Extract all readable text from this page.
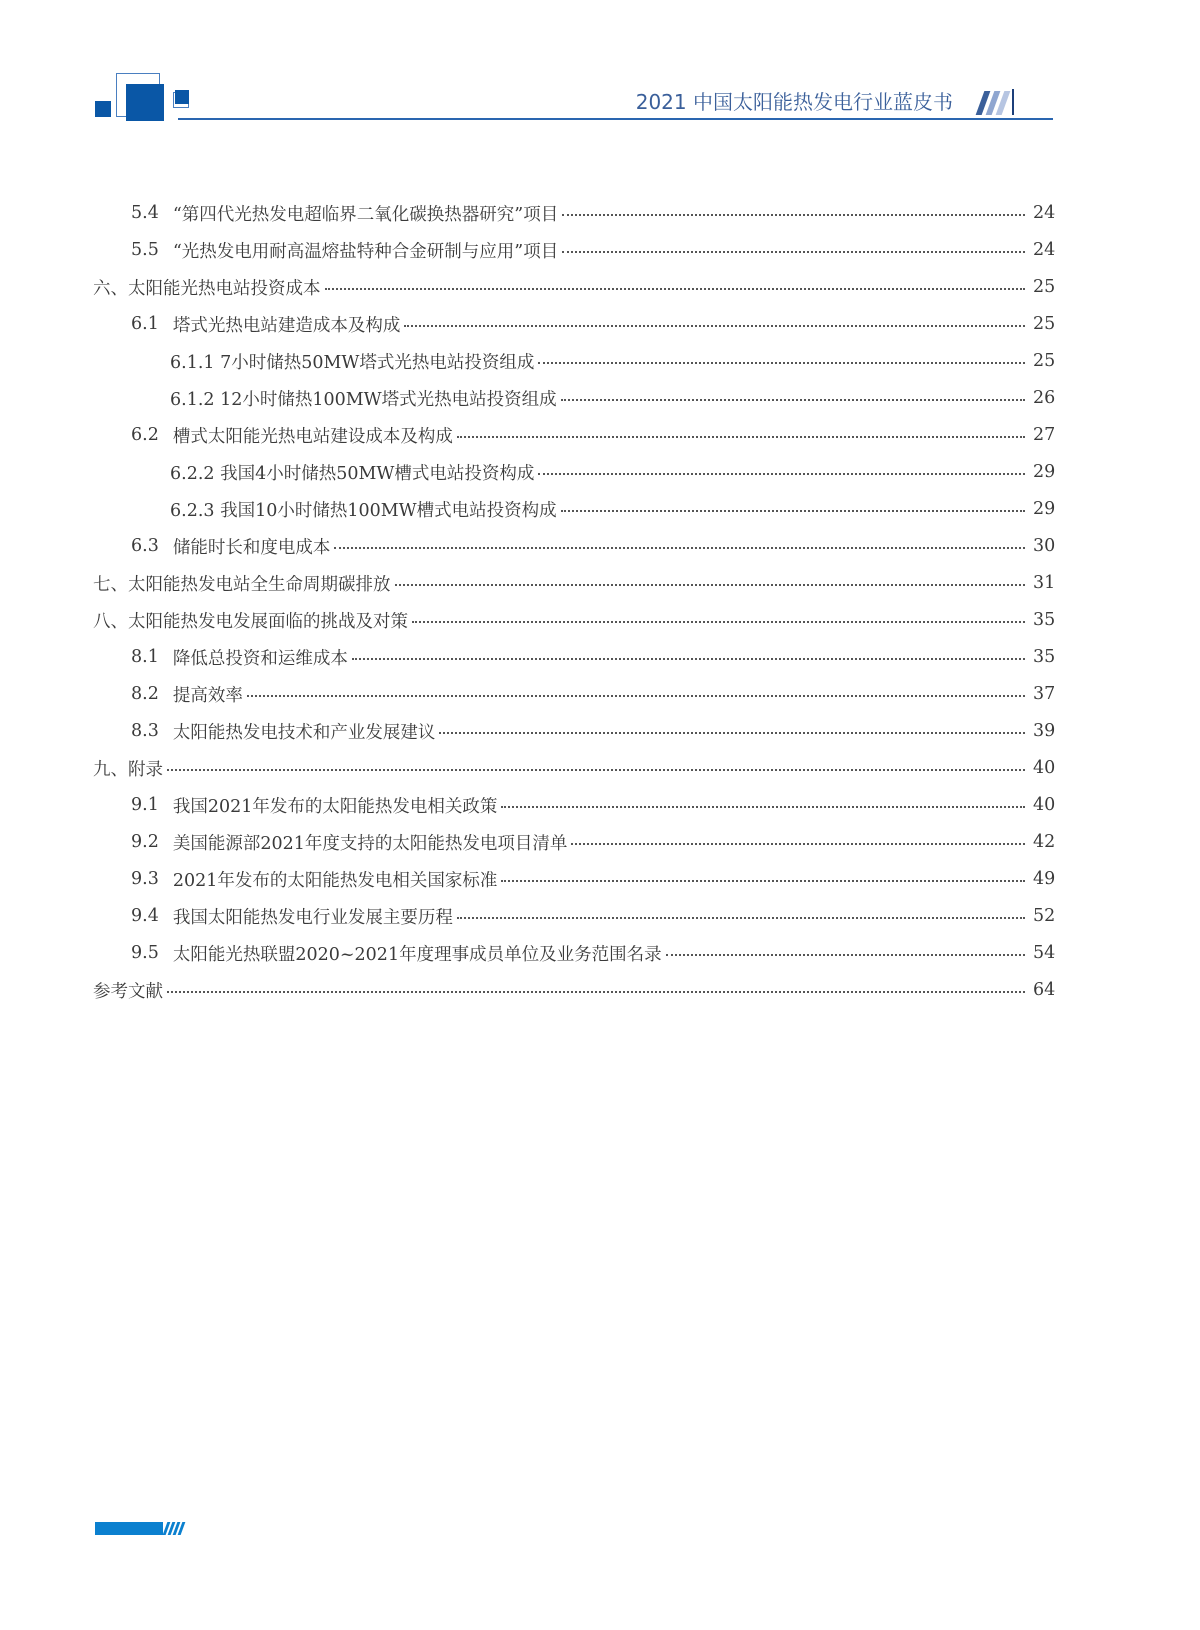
2021 中国太阳能热发电行业蓝皮书
5.4 “第四代光热发电超临界二氧化碳换热器研究”项目	24
5.5 “光热发电用耐高温熔盐特种合金研制与应用”项目	24
六、太阳能光热电站投资成本	25
6.1 塔式光热电站建造成本及构成	25
6.1.1 7小时储热50MW塔式光热电站投资组成	25
6.1.2 12小时储热100MW塔式光热电站投资组成	26
6.2 槽式太阳能光热电站建设成本及构成	27
6.2.2 我国4小时储热50MW槽式电站投资构成	29
6.2.3 我国10小时储热100MW槽式电站投资构成	29
6.3 储能时长和度电成本	30
七、太阳能热发电站全生命周期碳排放	31
八、太阳能热发电发展面临的挑战及对策	35
8.1 降低总投资和运维成本	35
8.2 提高效率	37
8.3 太阳能热发电技术和产业发展建议	39
九、附录	40
9.1 我国2021年发布的太阳能热发电相关政策	40
9.2 美国能源部2021年度支持的太阳能热发电项目清单	42
9.3 2021年发布的太阳能热发电相关国家标准	49
9.4 我国太阳能热发电行业发展主要历程	52
9.5 太阳能光热联盟2020~2021年度理事成员单位及业务范围名录	54
参考文献	64
